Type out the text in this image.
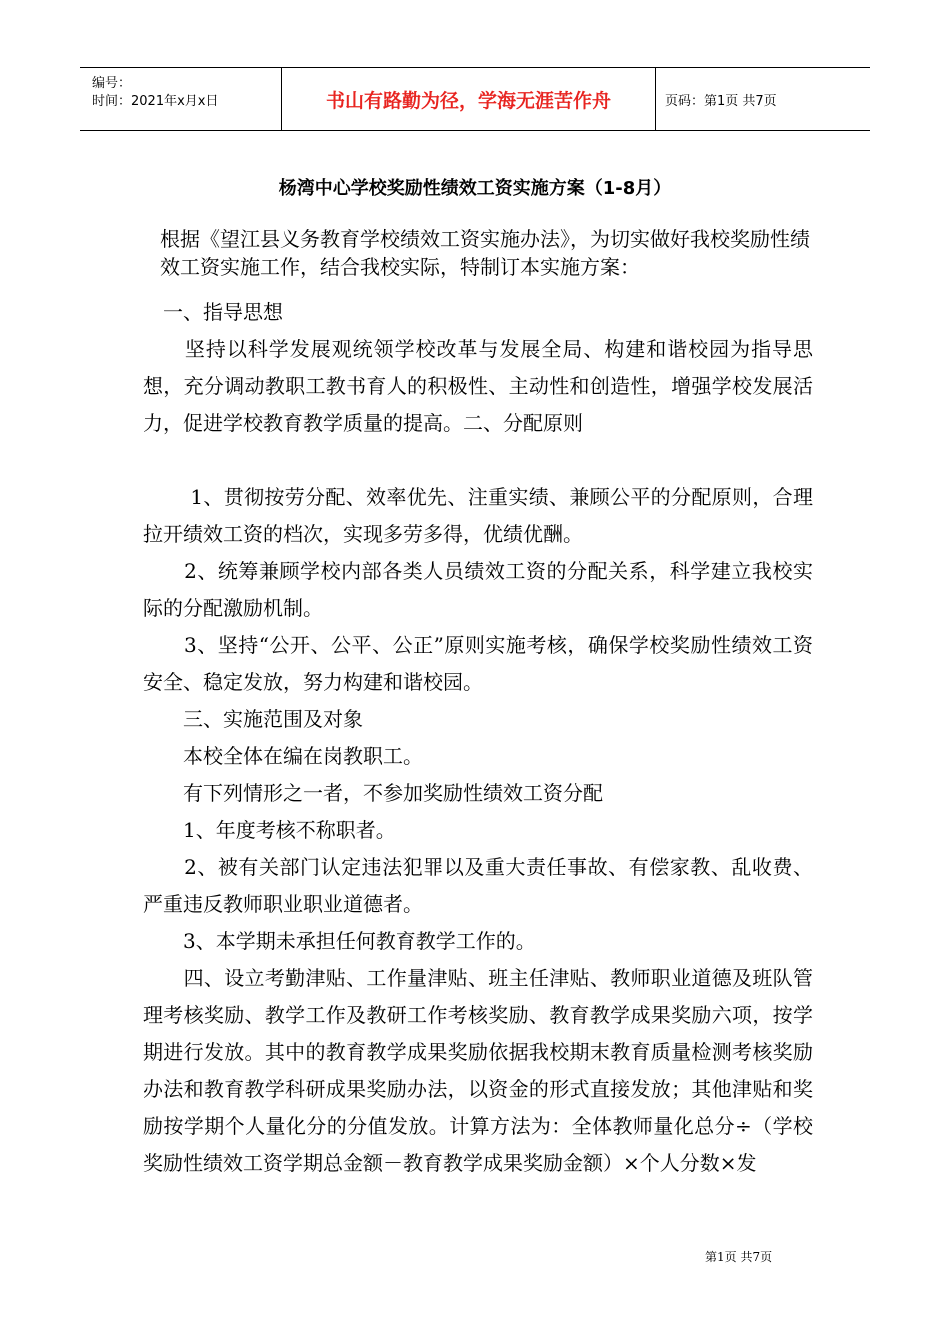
编号：
时间：2021年x月x日	书山有路勤为径，学海无涯苦作舟	页码：第1页 共7页
杨湾中心学校奖励性绩效工资实施方案（1-8月）
根据《望江县义务教育学校绩效工资实施办法》，为切实做好我校奖励性绩效工资实施工作，结合我校实际，特制订本实施方案：
　一、指导思想
　　坚持以科学发展观统领学校改革与发展全局、构建和谐校园为指导思想，充分调动教职工教书育人的积极性、主动性和创造性，增强学校发展活力，促进学校教育教学质量的提高。二、分配原则
　　 1、贯彻按劳分配、效率优先、注重实绩、兼顾公平的分配原则，合理拉开绩效工资的档次，实现多劳多得，优绩优酬。
　　2、统筹兼顾学校内部各类人员绩效工资的分配关系，科学建立我校实际的分配激励机制。
　　3、坚持“公开、公平、公正”原则实施考核，确保学校奖励性绩效工资安全、稳定发放，努力构建和谐校园。
　　三、实施范围及对象
　　本校全体在编在岗教职工。
　　有下列情形之一者，不参加奖励性绩效工资分配
　　1、年度考核不称职者。
　　2、被有关部门认定违法犯罪以及重大责任事故、有偿家教、乱收费、严重违反教师职业职业道德者。
　　3、本学期未承担任何教育教学工作的。
　　四、设立考勤津贴、工作量津贴、班主任津贴、教师职业道德及班队管理考核奖励、教学工作及教研工作考核奖励、教育教学成果奖励六项，按学期进行发放。其中的教育教学成果奖励依据我校期末教育质量检测考核奖励办法和教育教学科研成果奖励办法，以资金的形式直接发放；其他津贴和奖励按学期个人量化分的分值发放。计算方法为：全体教师量化总分÷（学校奖励性绩效工资学期总金额－教育教学成果奖励金额）×个人分数×发
第1页 共7页
